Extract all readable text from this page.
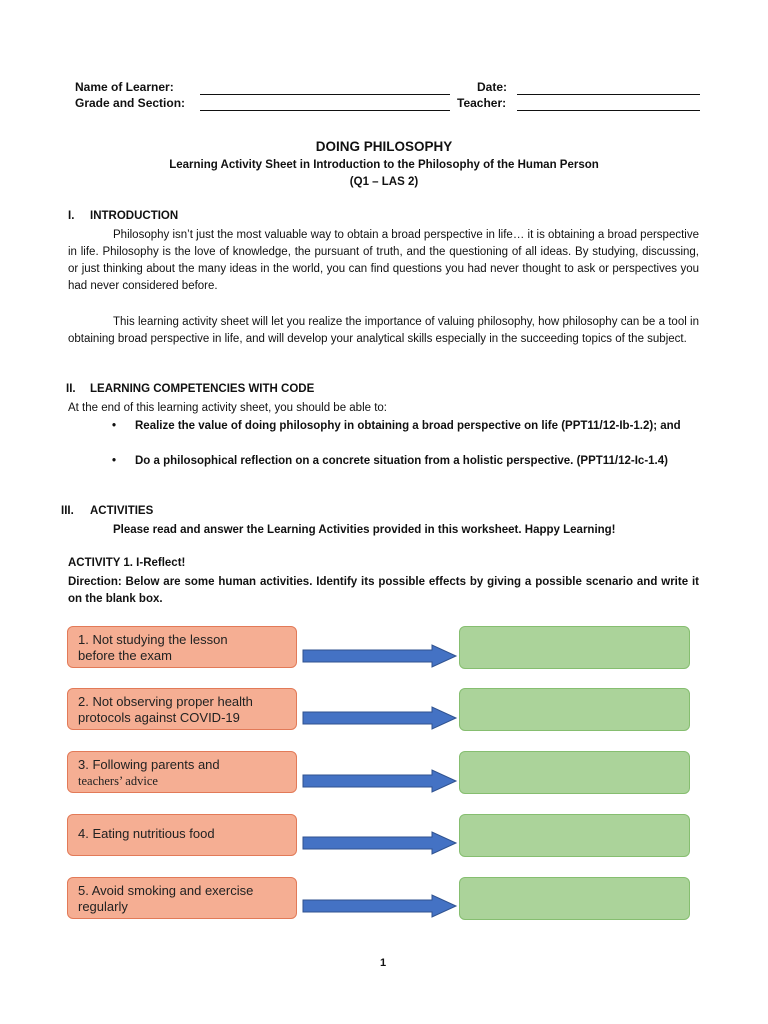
Name of Learner:	Date:
Grade and Section:	Teacher:
DOING PHILOSOPHY
Learning Activity Sheet in Introduction to the Philosophy of the Human Person
(Q1 – LAS 2)
I. INTRODUCTION
Philosophy isn’t just the most valuable way to obtain a broad perspective in life… it is obtaining a broad perspective in life. Philosophy is the love of knowledge, the pursuant of truth, and the questioning of all ideas. By studying, discussing, or just thinking about the many ideas in the world, you can find questions you had never thought to ask or perspectives you had never considered before.
This learning activity sheet will let you realize the importance of valuing philosophy, how philosophy can be a tool in obtaining broad perspective in life, and will develop your analytical skills especially in the succeeding topics of the subject.
II. LEARNING COMPETENCIES WITH CODE
At the end of this learning activity sheet, you should be able to:
• Realize the value of doing philosophy in obtaining a broad perspective on life (PPT11/12-Ib-1.2); and
• Do a philosophical reflection on a concrete situation from a holistic perspective. (PPT11/12-Ic-1.4)
III. ACTIVITIES
Please read and answer the Learning Activities provided in this worksheet. Happy Learning!
ACTIVITY 1. I-Reflect!
Direction: Below are some human activities. Identify its possible effects by giving a possible scenario and write it on the blank box.
1. Not studying the lesson
before the exam
2. Not observing proper health
protocols against COVID-19
3. Following parents and
teachers’ advice
4. Eating nutritious food
5. Avoid smoking and exercise
regularly
1
